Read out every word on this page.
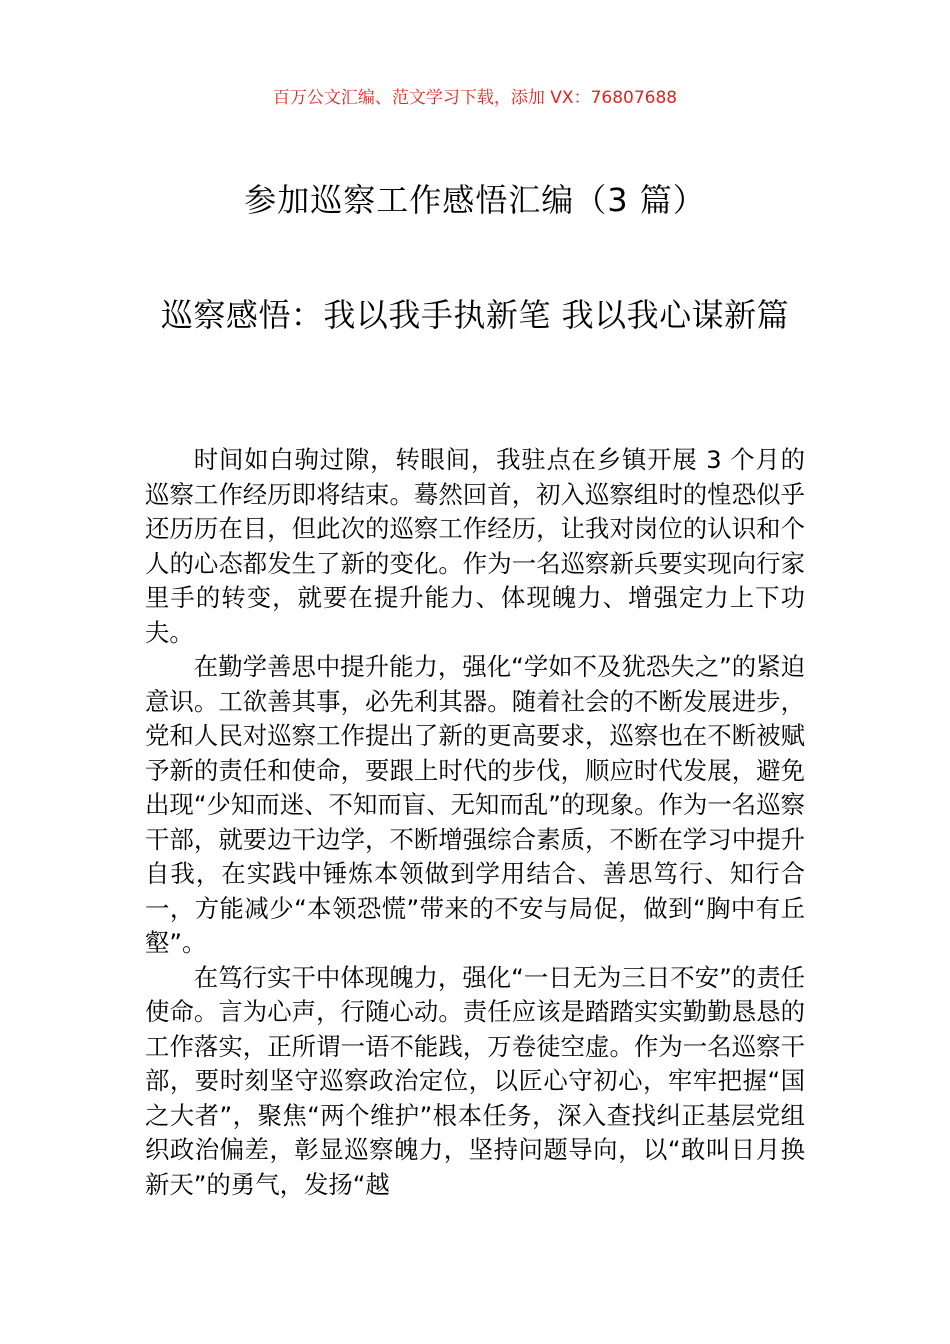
百万公文汇编、范文学习下载，添加 VX：76807688
参加巡察工作感悟汇编（3 篇）
巡察感悟：我以我手执新笔 我以我心谋新篇

时间如白驹过隙，转眼间，我驻点在乡镇开展 3 个月的巡察工作经历即将结束。蓦然回首，初入巡察组时的惶恐似乎还历历在目，但此次的巡察工作经历，让我对岗位的认识和个人的心态都发生了新的变化。作为一名巡察新兵要实现向行家里手的转变，就要在提升能力、体现魄力、增强定力上下功夫。

在勤学善思中提升能力，强化“学如不及犹恐失之”的紧迫意识。工欲善其事，必先利其器。随着社会的不断发展进步，党和人民对巡察工作提出了新的更高要求，巡察也在不断被赋予新的责任和使命，要跟上时代的步伐，顺应时代发展，避免出现“少知而迷、不知而盲、无知而乱”的现象。作为一名巡察干部，就要边干边学，不断增强综合素质，不断在学习中提升自我，在实践中锤炼本领做到学用结合、善思笃行、知行合一，方能减少“本领恐慌”带来的不安与局促，做到“胸中有丘壑”。

在笃行实干中体现魄力，强化“一日无为三日不安”的责任使命。言为心声，行随心动。责任应该是踏踏实实勤勤恳恳的工作落实，正所谓一语不能践，万卷徒空虚。作为一名巡察干部，要时刻坚守巡察政治定位，以匠心守初心，牢牢把握“国之大者”，聚焦“两个维护”根本任务，深入查找纠正基层党组织政治偏差，彰显巡察魄力，坚持问题导向，以“敢叫日月换新天”的勇气，发扬“越
